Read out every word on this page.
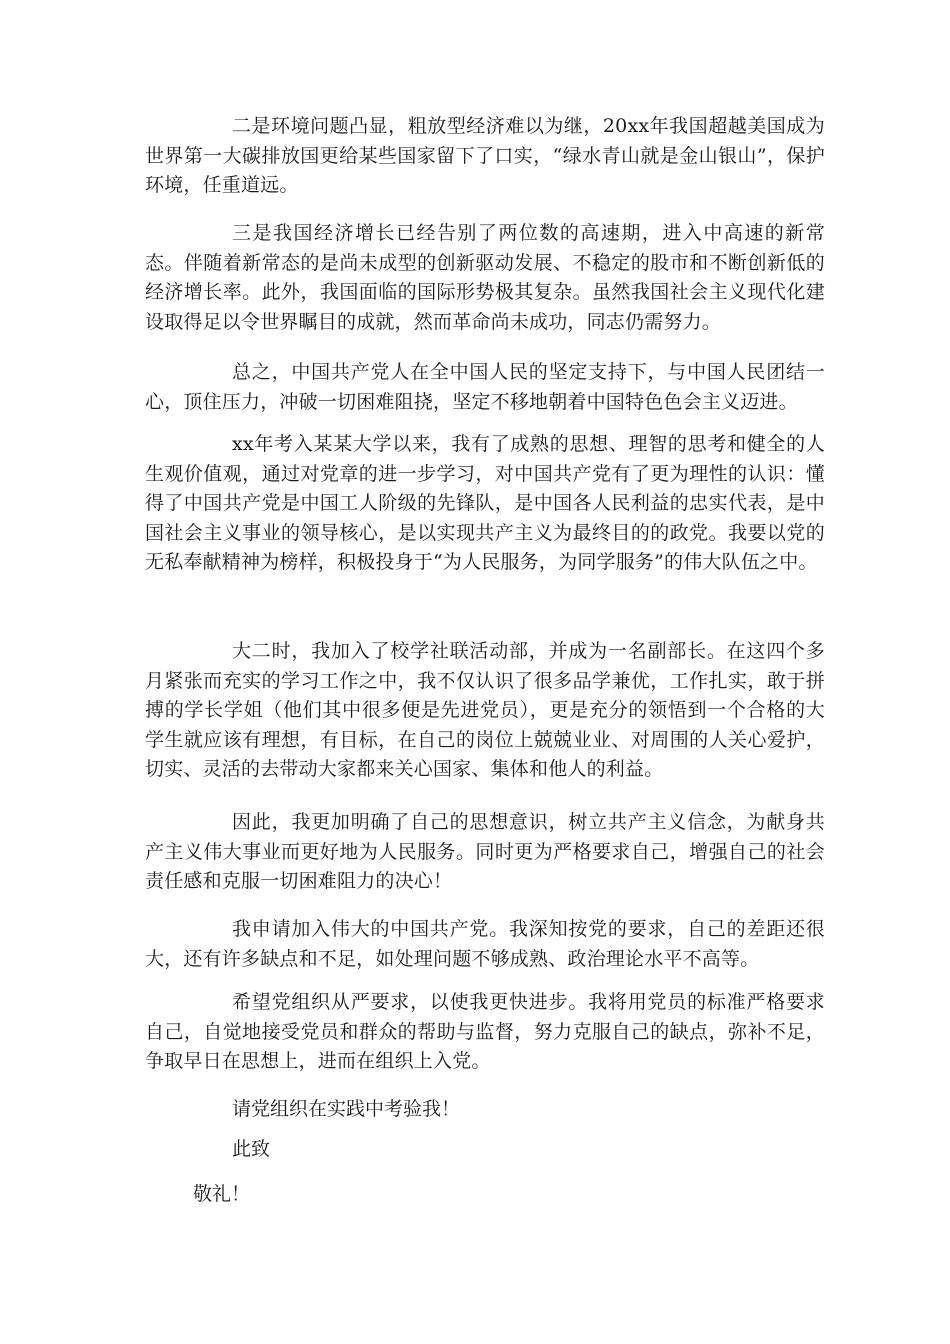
二是环境问题凸显，粗放型经济难以为继，20xx年我国超越美国成为世界第一大碳排放国更给某些国家留下了口实，“绿水青山就是金山银山”，保护环境，任重道远。

三是我国经济增长已经告别了两位数的高速期，进入中高速的新常态。伴随着新常态的是尚未成型的创新驱动发展、不稳定的股市和不断创新低的经济增长率。此外，我国面临的国际形势极其复杂。虽然我国社会主义现代化建设取得足以令世界瞩目的成就，然而革命尚未成功，同志仍需努力。

总之，中国共产党人在全中国人民的坚定支持下，与中国人民团结一心，顶住压力，冲破一切困难阻挠，坚定不移地朝着中国特色色会主义迈进。

xx年考入某某大学以来，我有了成熟的思想、理智的思考和健全的人生观价值观，通过对党章的进一步学习，对中国共产党有了更为理性的认识：懂得了中国共产党是中国工人阶级的先锋队，是中国各人民利益的忠实代表，是中国社会主义事业的领导核心，是以实现共产主义为最终目的的政党。我要以党的无私奉献精神为榜样，积极投身于“为人民服务，为同学服务”的伟大队伍之中。

大二时，我加入了校学社联活动部，并成为一名副部长。在这四个多月紧张而充实的学习工作之中，我不仅认识了很多品学兼优，工作扎实，敢于拼搏的学长学姐（他们其中很多便是先进党员），更是充分的领悟到一个合格的大学生就应该有理想，有目标，在自己的岗位上兢兢业业、对周围的人关心爱护，切实、灵活的去带动大家都来关心国家、集体和他人的利益。

因此，我更加明确了自己的思想意识，树立共产主义信念，为献身共产主义伟大事业而更好地为人民服务。同时更为严格要求自己，增强自己的社会责任感和克服一切困难阻力的决心！

我申请加入伟大的中国共产党。我深知按党的要求，自己的差距还很大，还有许多缺点和不足，如处理问题不够成熟、政治理论水平不高等。

希望党组织从严要求，以使我更快进步。我将用党员的标准严格要求自己，自觉地接受党员和群众的帮助与监督，努力克服自己的缺点，弥补不足，争取早日在思想上，进而在组织上入党。

请党组织在实践中考验我！

此致

敬礼！
